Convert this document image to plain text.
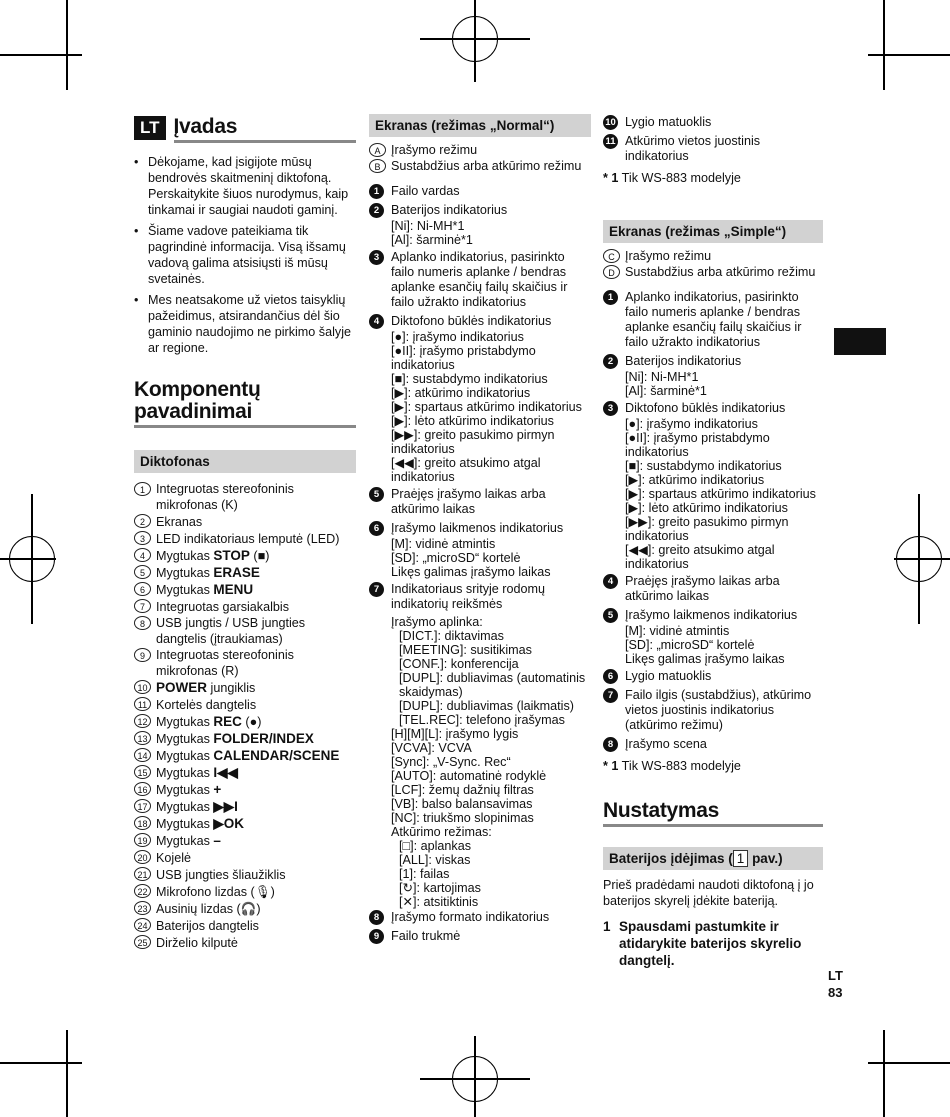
LT Įvadas
• Dėkojame, kad įsigijote mūsų bendrovės skaitmeninį diktofoną. Perskaitykite šiuos nurodymus, kaip tinkamai ir saugiai naudoti gaminį.
• Šiame vadove pateikiama tik pagrindinė informacija. Visą išsamų vadovą galima atsisiųsti iš mūsų svetainės.
• Mes neatsakome už vietos taisyklių pažeidimus, atsirandančius dėl šio gaminio naudojimo ne pirkimo šalyje ar regione.
Komponentų
pavadinimai
Diktofonas
1 Integruotas stereofoninis mikrofonas (K)
2 Ekranas
3 LED indikatoriaus lemputė (LED)
4 Mygtukas STOP (■)
5 Mygtukas ERASE
6 Mygtukas MENU
7 Integruotas garsiakalbis
8 USB jungtis / USB jungties dangtelis (įtraukiamas)
9 Integruotas stereofoninis mikrofonas (R)
10 POWER jungiklis
11 Kortelės dangtelis
12 Mygtukas REC (●)
13 Mygtukas FOLDER/INDEX
14 Mygtukas CALENDAR/SCENE
15 Mygtukas I◀◀
16 Mygtukas +
17 Mygtukas ▶▶I
18 Mygtukas ▶OK
19 Mygtukas –
20 Kojelė
21 USB jungties šliaužiklis
22 Mikrofono lizdas (🎙)
23 Ausinių lizdas (🎧)
24 Baterijos dangtelis
25 Dirželio kilputė
Ekranas (režimas „Normal“)
A Įrašymo režimu
B Sustabdžius arba atkūrimo režimu
1 Failo vardas
2 Baterijos indikatorius
[Ni]: Ni-MH*1
[Al]: šarminė*1
3 Aplanko indikatorius, pasirinkto failo numeris aplanke / bendras aplanke esančių failų skaičius ir failo užrakto indikatorius
4 Diktofono būklės indikatorius
[●]: įrašymo indikatorius
[●II]: įrašymo pristabdymo indikatorius
[■]: sustabdymo indikatorius
[▶]: atkūrimo indikatorius
[▶]: spartaus atkūrimo indikatorius
[▶]: lėto atkūrimo indikatorius
[▶▶]: greito pasukimo pirmyn indikatorius
[◀◀]: greito atsukimo atgal indikatorius
5 Praėjęs įrašymo laikas arba atkūrimo laikas
6 Įrašymo laikmenos indikatorius
[M]: vidinė atmintis
[SD]: „microSD“ kortelė
Likęs galimas įrašymo laikas
7 Indikatoriaus srityje rodomų indikatorių reikšmės
Įrašymo aplinka:
[DICT.]: diktavimas
[MEETING]: susitikimas
[CONF.]: konferencija
[DUPL]: dubliavimas (automatinis skaidymas)
[DUPL]: dubliavimas (laikmatis)
[TEL.REC]: telefono įrašymas
[H][M][L]: įrašymo lygis
[VCVA]: VCVA
[Sync]: „V-Sync. Rec“
[AUTO]: automatinė rodyklė
[LCF]: žemų dažnių filtras
[VB]: balso balansavimas
[NC]: triukšmo slopinimas
Atkūrimo režimas:
[□]: aplankas
[ALL]: viskas
[1]: failas
[↻]: kartojimas
[✕]: atsitiktinis
8 Įrašymo formato indikatorius
9 Failo trukmė
10 Lygio matuoklis
11 Atkūrimo vietos juostinis indikatorius
* 1 Tik WS-883 modelyje
Ekranas (režimas „Simple“)
C Įrašymo režimu
D Sustabdžius arba atkūrimo režimu
1 Aplanko indikatorius, pasirinkto failo numeris aplanke / bendras aplanke esančių failų skaičius ir failo užrakto indikatorius
2 Baterijos indikatorius
[Ni]: Ni-MH*1
[Al]: šarminė*1
3 Diktofono būklės indikatorius
[●]: įrašymo indikatorius
[●II]: įrašymo pristabdymo indikatorius
[■]: sustabdymo indikatorius
[▶]: atkūrimo indikatorius
[▶]: spartaus atkūrimo indikatorius
[▶]: lėto atkūrimo indikatorius
[▶▶]: greito pasukimo pirmyn indikatorius
[◀◀]: greito atsukimo atgal indikatorius
4 Praėjęs įrašymo laikas arba atkūrimo laikas
5 Įrašymo laikmenos indikatorius
[M]: vidinė atmintis
[SD]: „microSD“ kortelė
Likęs galimas įrašymo laikas
6 Lygio matuoklis
7 Failo ilgis (sustabdžius), atkūrimo vietos juostinis indikatorius (atkūrimo režimu)
8 Įrašymo scena
* 1 Tik WS-883 modelyje
Nustatymas
Baterijos įdėjimas ( 1 pav.)
Prieš pradėdami naudoti diktofoną į jo baterijos skyrelį įdėkite bateriją.
1 Spausdami pastumkite ir atidarykite baterijos skyrelio dangtelį.
LT
83
